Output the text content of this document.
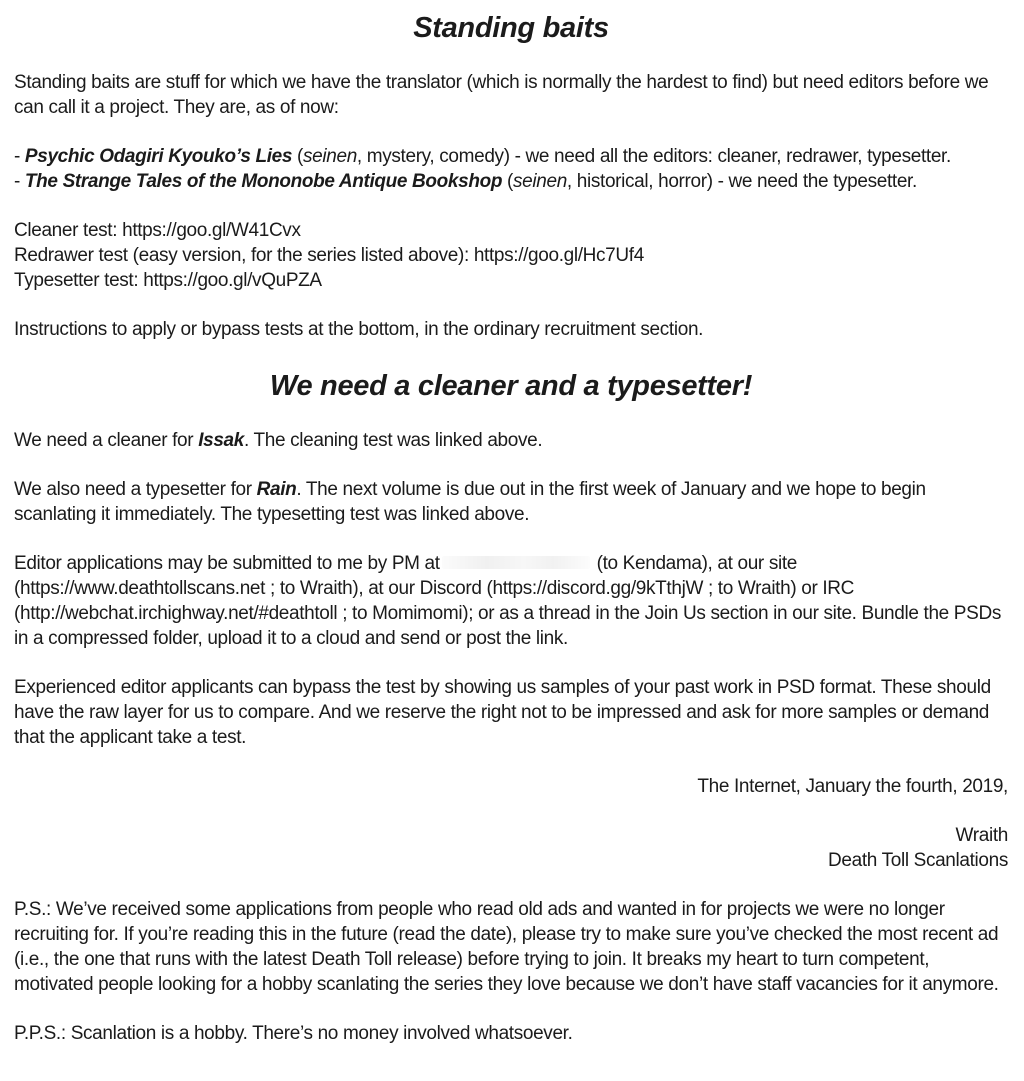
Standing baits

Standing baits are stuff for which we have the translator (which is normally the hardest to find) but need editors before we can call it a project. They are, as of now:

- Psychic Odagiri Kyouko’s Lies (seinen, mystery, comedy) - we need all the editors: cleaner, redrawer, typesetter.
- The Strange Tales of the Mononobe Antique Bookshop (seinen, historical, horror) - we need the typesetter.
Cleaner test: https://goo.gl/W41Cvx
Redrawer test (easy version, for the series listed above): https://goo.gl/Hc7Uf4
Typesetter test: https://goo.gl/vQuPZA

Instructions to apply or bypass tests at the bottom, in the ordinary recruitment section.

We need a cleaner and a typesetter!

We need a cleaner for Issak. The cleaning test was linked above.

We also need a typesetter for Rain. The next volume is due out in the first week of January and we hope to begin scanlating it immediately. The typesetting test was linked above.

Editor applications may be submitted to me by PM at	(to Kendama), at our site (https://www.deathtollscans.net ; to Wraith), at our Discord (https://discord.gg/9kTthjW ; to Wraith) or IRC (http://webchat.irchighway.net/#deathtoll ; to Momimomi); or as a thread in the Join Us section in our site. Bundle the PSDs in a compressed folder, upload it to a cloud and send or post the link.

Experienced editor applicants can bypass the test by showing us samples of your past work in PSD format. These should have the raw layer for us to compare. And we reserve the right not to be impressed and ask for more samples or demand that the applicant take a test.

The Internet, January the fourth, 2019,

Wraith
Death Toll Scanlations

P.S.: We’ve received some applications from people who read old ads and wanted in for projects we were no longer recruiting for. If you’re reading this in the future (read the date), please try to make sure you’ve checked the most recent ad (i.e., the one that runs with the latest Death Toll release) before trying to join. It breaks my heart to turn competent, motivated people looking for a hobby scanlating the series they love because we don’t have staff vacancies for it anymore.

P.P.S.: Scanlation is a hobby. There’s no money involved whatsoever.
